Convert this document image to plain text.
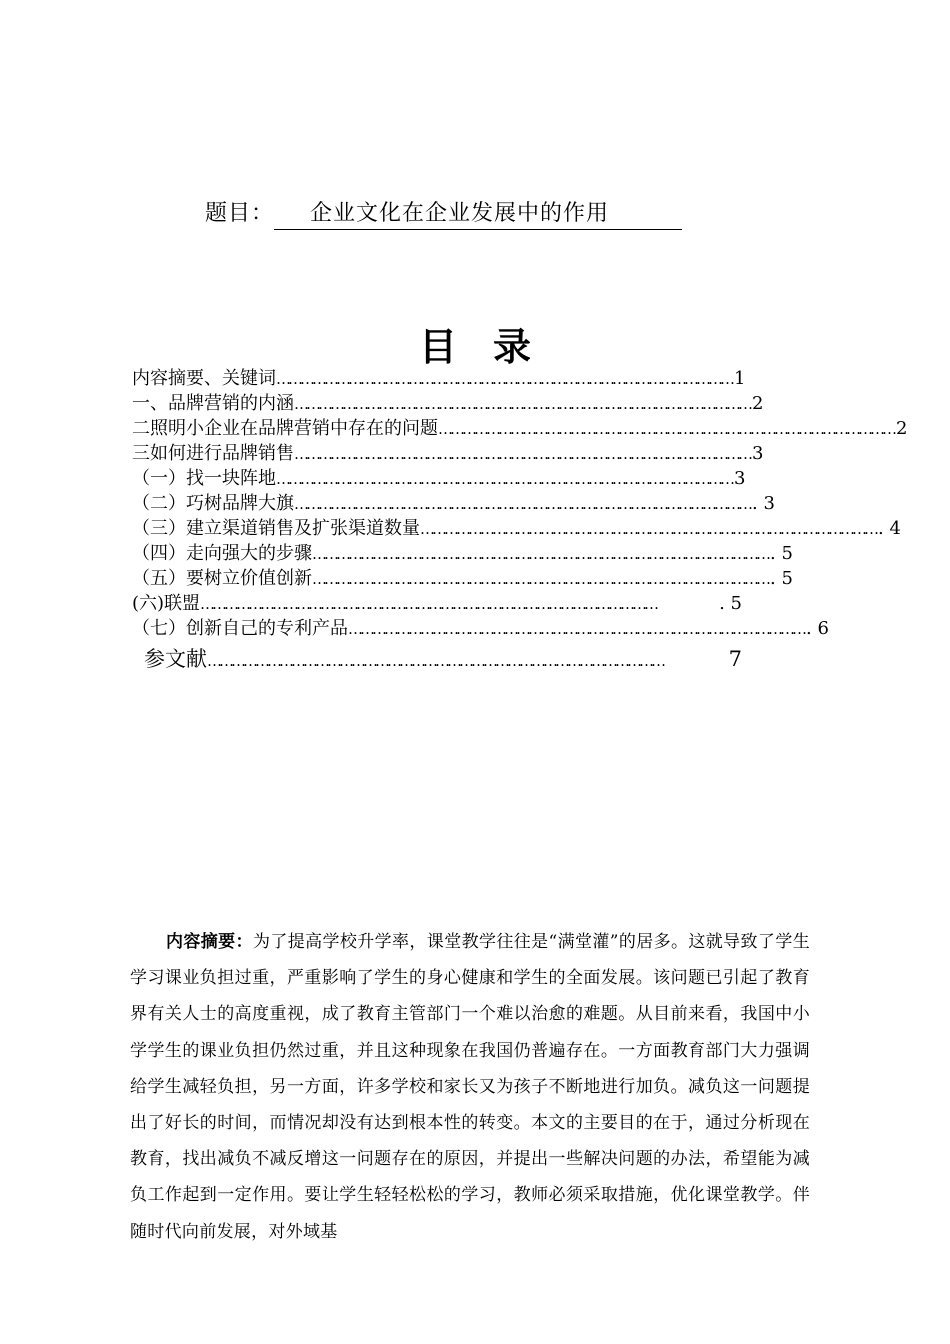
题目： 企业文化在企业发展中的作用
目录
内容摘要、关键词 …………………………………………………………………………………………………… 1
一、品牌营销的内涵 …………………………………………………………………………………………………… 2
二照明小企业在品牌营销中存在的问题 …………………………………………………………………………………………………… 2
三如何进行品牌销售 …………………………………………………………………………………………………… 3
（一）找一块阵地 …………………………………………………………………………………………………… 3
（二）巧树品牌大旗 …………………………………………………………………………………………………… . 3
（三）建立渠道销售及扩张渠道数量 …………………………………………………………………………………………………… . 4
（四）走向强大的步骤 …………………………………………………………………………………………………… . 5
（五）要树立价值创新 …………………………………………………………………………………………………… . 5
(六)联盟 ……………………………………………………………………………………………………	. 5
（七）创新自己的专利产品 …………………………………………………………………………………………………… . 6
参文献 ……………………………………………………………………………………………………	7
内容摘要：为了提高学校升学率，课堂教学往往是“满堂灌”的居多。这就导致了学生学习课业负担过重，严重影响了学生的身心健康和学生的全面发展。该问题已引起了教育界有关人士的高度重视，成了教育主管部门一个难以治愈的难题。从目前来看，我国中小学学生的课业负担仍然过重，并且这种现象在我国仍普遍存在。一方面教育部门大力强调给学生减轻负担，另一方面，许多学校和家长又为孩子不断地进行加负。减负这一问题提出了好长的时间，而情况却没有达到根本性的转变。本文的主要目的在于，通过分析现在教育，找出减负不减反增这一问题存在的原因，并提出一些解决问题的办法，希望能为减负工作起到一定作用。要让学生轻轻松松的学习，教师必须采取措施，优化课堂教学。伴随时代向前发展，对外域基
